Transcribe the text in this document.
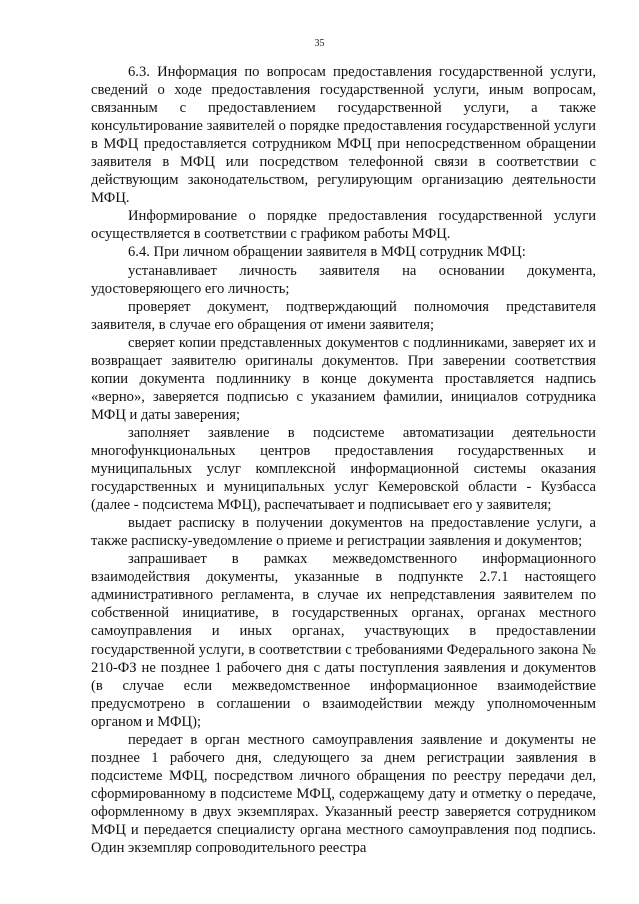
35

6.3. Информация по вопросам предоставления государственной услуги, сведений о ходе предоставления государственной услуги, иным вопросам, связанным с предоставлением государственной услуги, а также консультирование заявителей о порядке предоставления государственной услуги в МФЦ предоставляется сотрудником МФЦ при непосредственном обращении заявителя в МФЦ или посредством телефонной связи в соответствии с действующим законодательством, регулирующим организацию деятельности МФЦ.

Информирование о порядке предоставления государственной услуги осуществляется в соответствии с графиком работы МФЦ.

6.4. При личном обращении заявителя в МФЦ сотрудник МФЦ:

устанавливает личность заявителя на основании документа, удостоверяющего его личность;

проверяет документ, подтверждающий полномочия представителя заявителя, в случае его обращения от имени заявителя;

сверяет копии представленных документов с подлинниками, заверяет их и возвращает заявителю оригиналы документов. При заверении соответствия копии документа подлиннику в конце документа проставляется надпись «верно», заверяется подписью с указанием фамилии, инициалов сотрудника МФЦ и даты заверения;

заполняет заявление в подсистеме автоматизации деятельности многофункциональных центров предоставления государственных и муниципальных услуг комплексной информационной системы оказания государственных и муниципальных услуг Кемеровской области - Кузбасса (далее - подсистема МФЦ), распечатывает и подписывает его у заявителя;

выдает расписку в получении документов на предоставление услуги, а также расписку-уведомление о приеме и регистрации заявления и документов;

запрашивает в рамках межведомственного информационного взаимодействия документы, указанные в подпункте 2.7.1 настоящего административного регламента, в случае их непредставления заявителем по собственной инициативе, в государственных органах, органах местного самоуправления и иных органах, участвующих в предоставлении государственной услуги, в соответствии с требованиями Федерального закона № 210-ФЗ не позднее 1 рабочего дня с даты поступления заявления и документов (в случае если межведомственное информационное взаимодействие предусмотрено в соглашении о взаимодействии между уполномоченным органом и МФЦ);

передает в орган местного самоуправления заявление и документы не позднее 1 рабочего дня, следующего за днем регистрации заявления в подсистеме МФЦ, посредством личного обращения по реестру передачи дел, сформированному в подсистеме МФЦ, содержащему дату и отметку о передаче, оформленному в двух экземплярах. Указанный реестр заверяется сотрудником МФЦ и передается специалисту органа местного самоуправления под подпись. Один экземпляр сопроводительного реестра
